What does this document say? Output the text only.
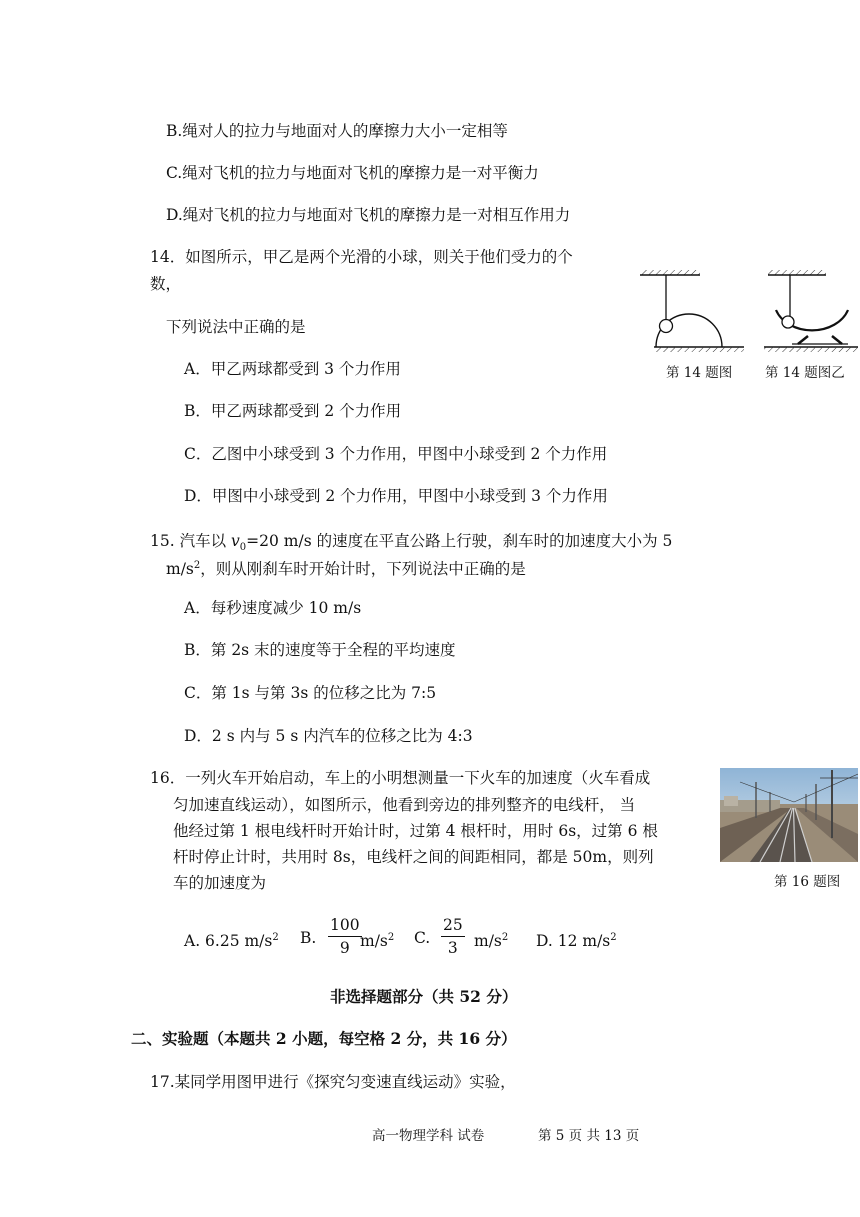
B.绳对人的拉力与地面对人的摩擦力大小一定相等
C.绳对飞机的拉力与地面对飞机的摩擦力是一对平衡力
D.绳对飞机的拉力与地面对飞机的摩擦力是一对相互作用力
14．如图所示，甲乙是两个光滑的小球，则关于他们受力的个
数，
下列说法中正确的是
A．甲乙两球都受到 3 个力作用
B．甲乙两球都受到 2 个力作用
C．乙图中小球受到 3 个力作用，甲图中小球受到 2 个力作用
D．甲图中小球受到 2 个力作用，甲图中小球受到 3 个力作用
第 14 题图 第 14 题图乙
15. 汽车以 $v_0=20$ m/s 的速度在平直公路上行驶，刹车时的加速度大小为 5
$m/s^2$，则从刚刹车时开始计时，下列说法中正确的是
A．每秒速度减少 10 m/s
B．第 2s 末的速度等于全程的平均速度
C．第 1s 与第 3s 的位移之比为 7:5
D．2 s 内与 5 s 内汽车的位移之比为 4:3
16．一列火车开始启动，车上的小明想测量一下火车的加速度（火车看成
匀加速直线运动），如图所示，他看到旁边的排列整齐的电线杆， 当
他经过第 1 根电线杆时开始计时，过第 4 根杆时，用时 6s，过第 6 根
杆时停止计时，共用时 8s，电线杆之间的间距相同，都是 50m，则列
车的加速度为	第 16 题图
A. 6.25 $m/s^2$ B. $\frac{100}{9}$
$m/s^2$ C. $\frac{25}{3} m/s^2$ D. 12 $m/s^2$
非选择题部分（共 52 分）
二、实验题（本题共 2 小题，每空格 2 分，共 16 分）
17.某同学用图甲进行《探究匀变速直线运动》实验，
高一物理学科 试卷	第 5 页 共 13 页
